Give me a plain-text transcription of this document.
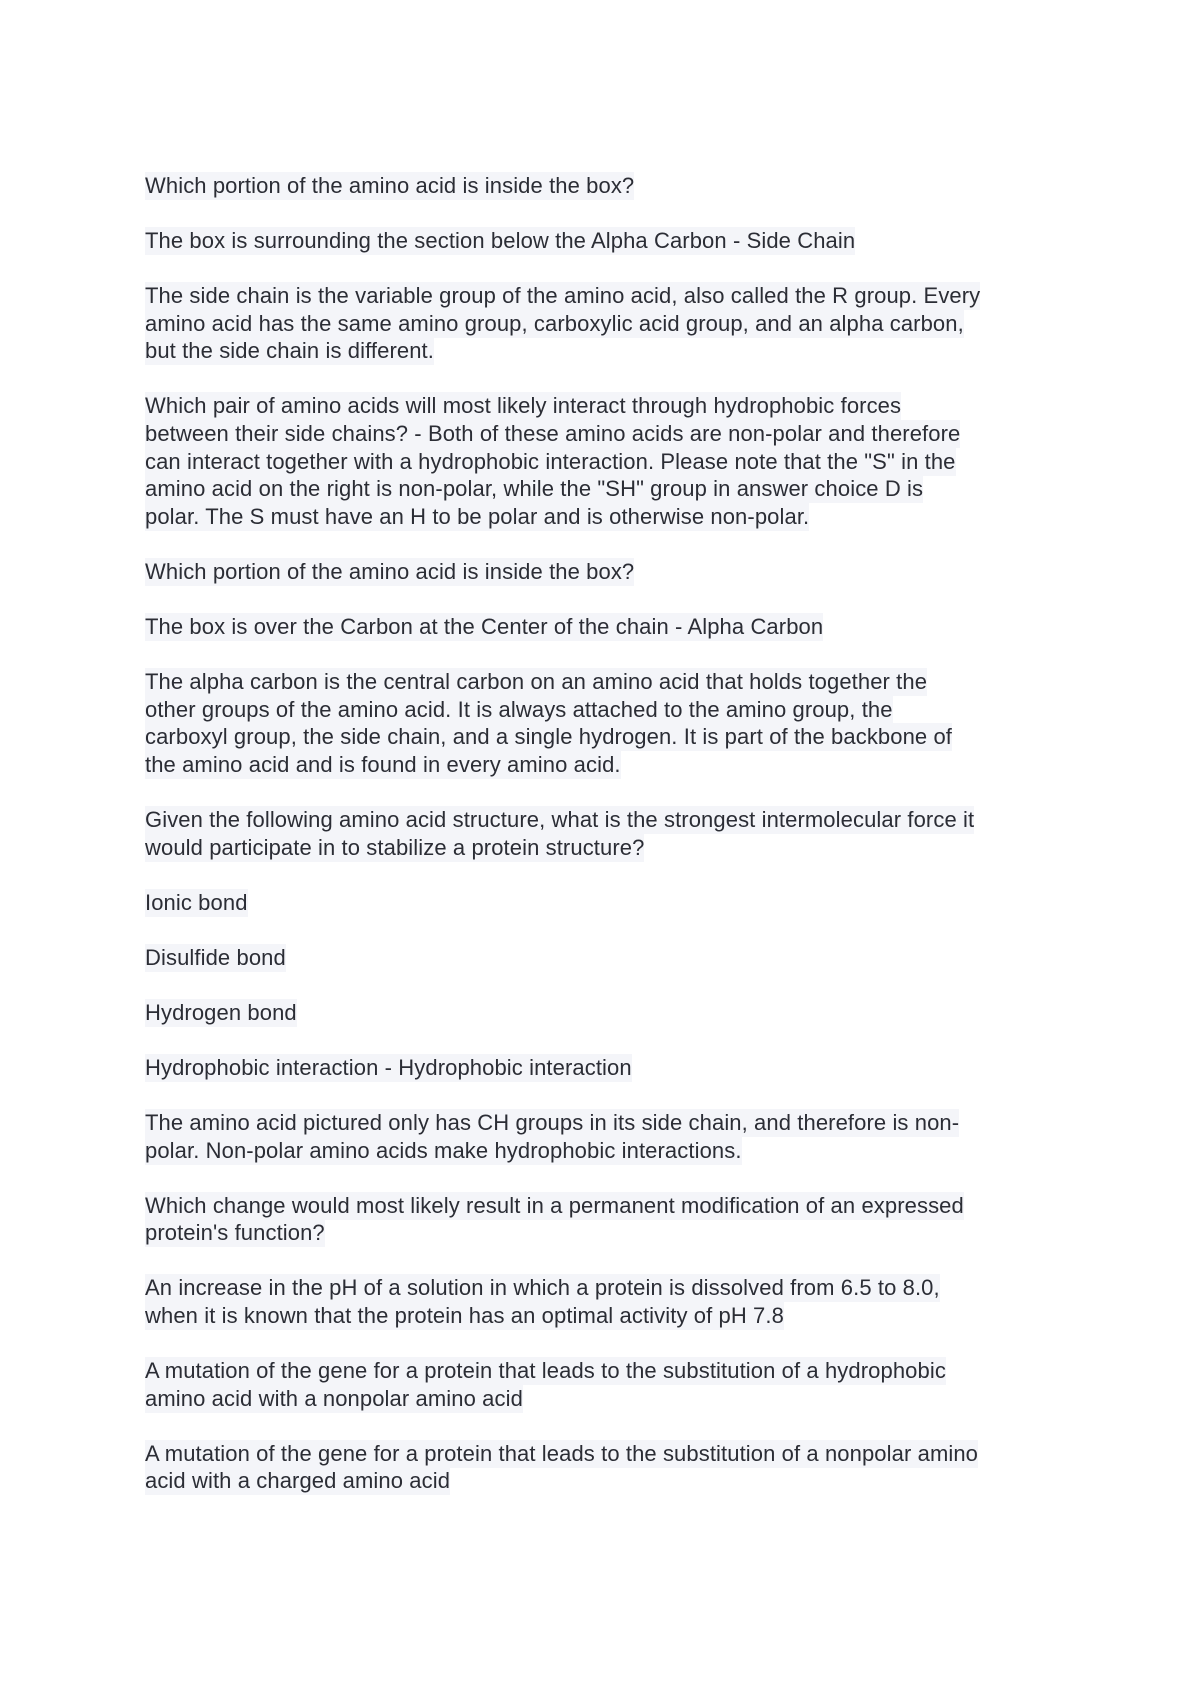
Which portion of the amino acid is inside the box?
The box is surrounding the section below the Alpha Carbon - Side Chain
The side chain is the variable group of the amino acid, also called the R group. Every
amino acid has the same amino group, carboxylic acid group, and an alpha carbon,
but the side chain is different.
Which pair of amino acids will most likely interact through hydrophobic forces
between their side chains? - Both of these amino acids are non-polar and therefore
can interact together with a hydrophobic interaction. Please note that the "S" in the
amino acid on the right is non-polar, while the "SH" group in answer choice D is
polar. The S must have an H to be polar and is otherwise non-polar.
Which portion of the amino acid is inside the box?
The box is over the Carbon at the Center of the chain - Alpha Carbon
The alpha carbon is the central carbon on an amino acid that holds together the
other groups of the amino acid. It is always attached to the amino group, the
carboxyl group, the side chain, and a single hydrogen. It is part of the backbone of
the amino acid and is found in every amino acid.
Given the following amino acid structure, what is the strongest intermolecular force it
would participate in to stabilize a protein structure?
Ionic bond
Disulfide bond
Hydrogen bond
Hydrophobic interaction - Hydrophobic interaction
The amino acid pictured only has CH groups in its side chain, and therefore is non-
polar. Non-polar amino acids make hydrophobic interactions.
Which change would most likely result in a permanent modification of an expressed
protein's function?
An increase in the pH of a solution in which a protein is dissolved from 6.5 to 8.0,
when it is known that the protein has an optimal activity of pH 7.8
A mutation of the gene for a protein that leads to the substitution of a hydrophobic
amino acid with a nonpolar amino acid
A mutation of the gene for a protein that leads to the substitution of a nonpolar amino
acid with a charged amino acid
